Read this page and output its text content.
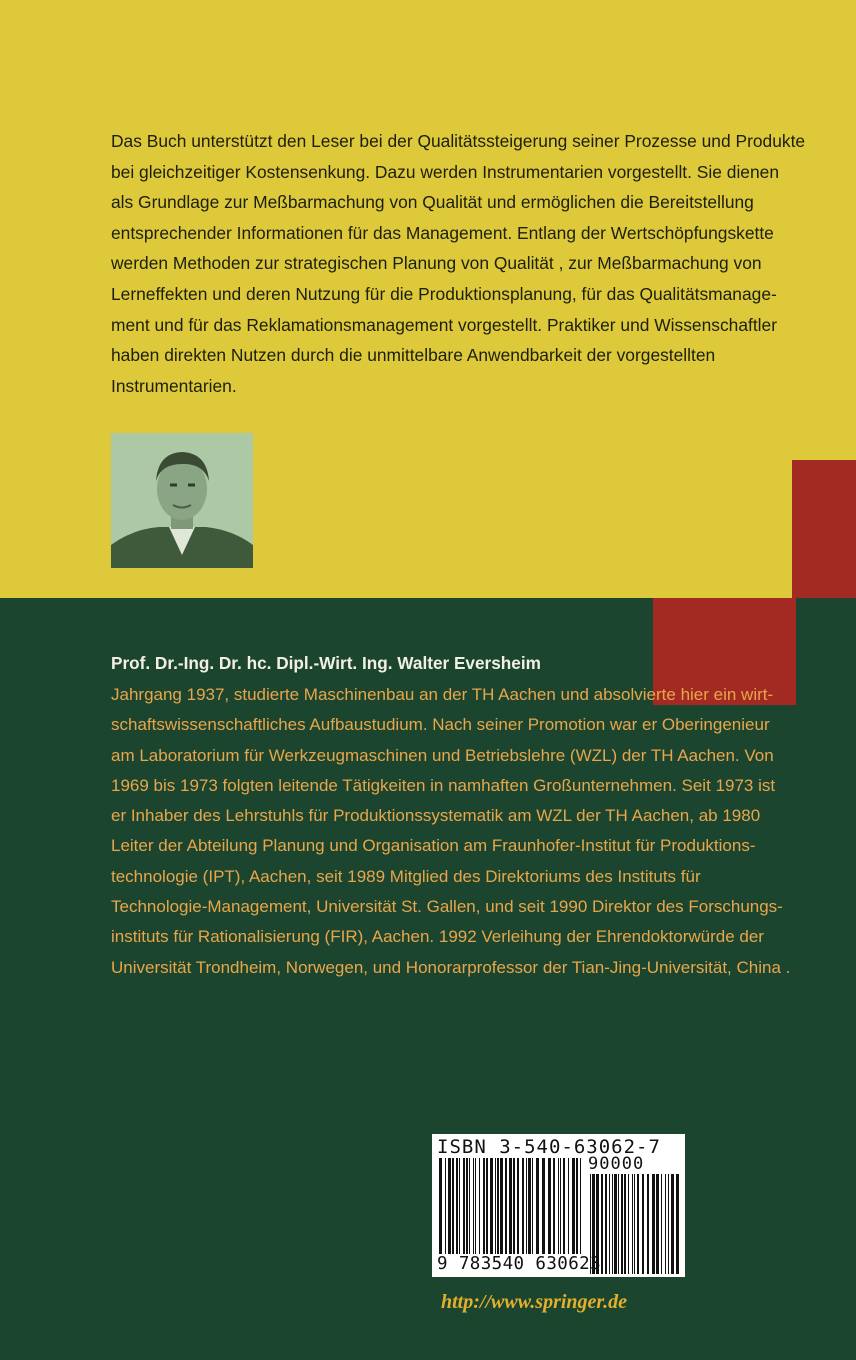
Das Buch unterstützt den Leser bei der Qualitätssteigerung seiner Prozesse und Produkte
bei gleichzeitiger Kostensenkung. Dazu werden Instrumentarien vorgestellt. Sie dienen
als Grundlage zur Meßbarmachung von Qualität und ermöglichen die Bereitstellung
entsprechender Informationen für das Management. Entlang der Wertschöpfungskette
werden Methoden zur strategischen Planung von Qualität , zur Meßbarmachung von
Lerneffekten und deren Nutzung für die Produktionsplanung, für das Qualitätsmanage-
ment und für das Reklamationsmanagement vorgestellt. Praktiker und Wissenschaftler
haben direkten Nutzen durch die unmittelbare Anwendbarkeit der vorgestellten
Instrumentarien.

Prof. Dr.-Ing. Dr. hc. Dipl.-Wirt. Ing. Walter Eversheim

Jahrgang 1937, studierte Maschinenbau an der TH Aachen und absolvierte hier ein wirt-
schaftswissenschaftliches Aufbaustudium. Nach seiner Promotion war er Oberingenieur
am Laboratorium für Werkzeugmaschinen und Betriebslehre (WZL) der TH Aachen. Von
1969 bis 1973 folgten leitende Tätigkeiten in namhaften Großunternehmen. Seit 1973 ist
er Inhaber des Lehrstuhls für Produktionssystematik am WZL der TH Aachen, ab 1980
Leiter der Abteilung Planung und Organisation am Fraunhofer-Institut für Produktions-
technologie (IPT), Aachen, seit 1989 Mitglied des Direktoriums des Instituts für
Technologie-Management, Universität St. Gallen, und seit 1990 Direktor des Forschungs-
instituts für Rationalisierung (FIR), Aachen. 1992 Verleihung der Ehrendoktorwürde der
Universität Trondheim, Norwegen, und Honorarprofessor der Tian-Jing-Universität, China .

ISBN 3-540-63062-7
90000
9 783540 630623

http://www.springer.de
